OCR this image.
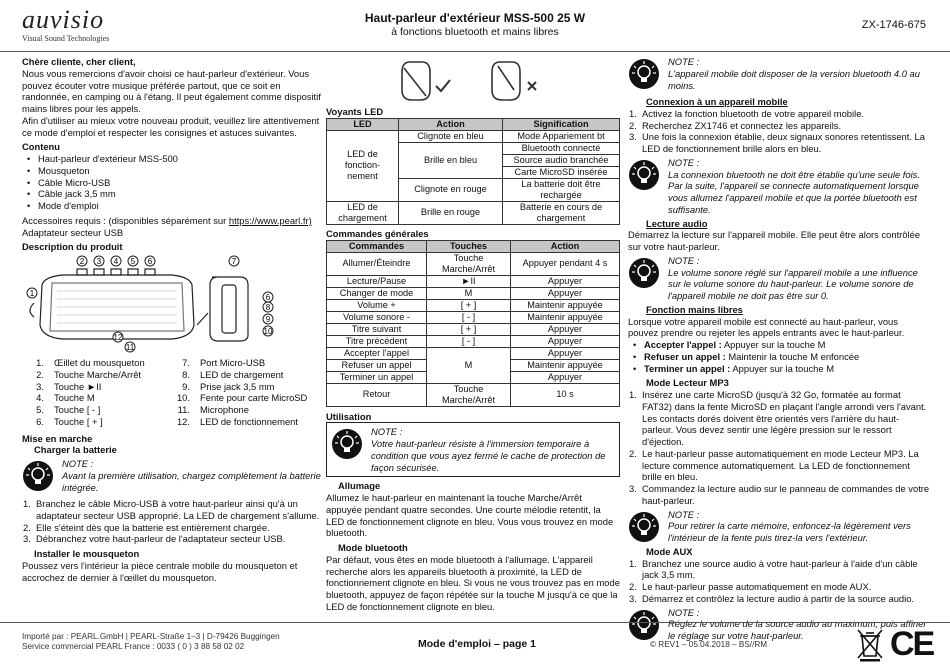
auvisio
Visual Sound Technologies
Haut-parleur d'extérieur MSS-500 25 W
à fonctions bluetooth et mains libres
ZX-1746-675

Chère cliente, cher client,

Nous vous remercions d'avoir choisi ce haut-parleur d'extérieur. Vous pouvez écouter votre musique préférée partout, que ce soit en randonnée, en camping ou à l'étang. Il peut également comme dispositif mains libres pour les appels.

Afin d'utiliser au mieux votre nouveau produit, veuillez lire attentivement ce mode d'emploi et respecter les consignes et astuces suivantes.

Contenu

• Haut-parleur d'extérieur MSS-500
• Mousqueton
• Câble Micro-USB
• Câble jack 3,5 mm
• Mode d'emploi

Accessoires requis : (disponibles séparément sur https://www.pearl.fr)

Adaptateur secteur USB

Description du produit

1
2 3 4 5 6	7
6
8
9
10
11
12
1. Œillet du mousqueton	7. Port Micro-USB
2. Touche Marche/Arrêt	8. LED de chargement
3. Touche ►II	9. Prise jack 3,5 mm
4. Touche M	10. Fente pour carte MicroSD
5. Touche [ - ]	11. Microphone
6. Touche [ + ]	12. LED de fonctionnement

Mise en marche

Charger la batterie

NOTE :
Avant la première utilisation, chargez complètement la batterie intégrée.
1. Branchez le câble Micro-USB à votre haut-parleur ainsi qu'à un adaptateur secteur USB approprié. La LED de chargement s'allume.
2. Elle s'éteint dès que la batterie est entièrement chargée.
3. Débranchez votre haut-parleur de l'adaptateur secteur USB.

Installer le mousqueton

Poussez vers l'intérieur la pièce centrale mobile du mousqueton et accrochez de dernier à l'œillet du mousqueton.

Voyants LED

LED	Action	Signification
LED de fonction-nement	Clignote en bleu	Mode Appariement bt
	Brille en bleu	Bluetooth connecté
		Source audio branchée
		Carte MicroSD insérée
	Clignote en rouge	La batterie doit être rechargée

LED de chargement	Brille en rouge	Batterie en cours de chargement

Commandes générales

Commandes	Touches	Action
Allumer/Éteindre	Touche Marche/Arrêt	Appuyer pendant 4 s
Lecture/Pause	►II	Appuyer
Changer de mode	M	Appuyer
Volume +	[ + ]	Maintenir appuyée
Volume sonore -	[ - ]	Maintenir appuyée
Titre suivant	[ + ]	Appuyer
Titre précédent	[ - ]	Appuyer
Accepter l'appel	M	Appuyer
Refuser un appel		Maintenir appuyée
Terminer un appel		Appuyer
Retour	Touche Marche/Arrêt	10 s

Utilisation

NOTE :
Votre haut-parleur résiste à l'immersion temporaire à condition que vous ayez fermé le cache de protection de façon sécurisée.

Allumage

Allumez le haut-parleur en maintenant la touche Marche/Arrêt appuyée pendant quatre secondes. Une courte mélodie retentit, la LED de fonctionnement clignote en bleu. Vous vous trouvez en mode bluetooth.

Mode bluetooth

Par défaut, vous êtes en mode bluetooth à l'allumage. L'appareil recherche alors les appareils bluetooth à proximité, la LED de fonctionnement clignote en bleu. Si vous ne vous trouvez pas en mode bluetooth, appuyez de façon répétée sur la touche M jusqu'à ce que la LED de fonctionnement clignote en bleu.

NOTE :
L'appareil mobile doit disposer de la version bluetooth 4.0 au moins.

Connexion à un appareil mobile

1. Activez la fonction bluetooth de votre appareil mobile.
2. Recherchez ZX1746 et connectez les appareils.
3. Une fois la connexion établie, deux signaux sonores retentissent. La LED de fonctionnement brille alors en bleu.
NOTE :
La connexion bluetooth ne doit être établie qu'une seule fois. Par la suite, l'appareil se connecte automatiquement lorsque vous allumez l'appareil mobile et que la portée bluetooth est suffisante.

Lecture audio

Démarrez la lecture sur l'appareil mobile. Elle peut être alors contrôlée sur votre haut-parleur.

NOTE :
Le volume sonore réglé sur l'appareil mobile a une influence sur le volume sonore du haut-parleur. Le volume sonore de l'appareil mobile ne doit pas être sur 0.

Fonction mains libres

Lorsque votre appareil mobile est connecté au haut-parleur, vous pouvez prendre ou rejeter les appels entrants avec le haut-parleur.

• Accepter l'appel : Appuyer sur la touche M
• Refuser un appel : Maintenir la touche M enfoncée
• Terminer un appel : Appuyer sur la touche M

Mode Lecteur MP3

1. Insérez une carte MicroSD (jusqu'à 32 Go, formatée au format FAT32) dans la fente MicroSD en plaçant l'angle arrondi vers l'avant. Les contacts dorés doivent être orientés vers l'arrière du haut-parleur. Vous devez sentir une légère pression sur le ressort d'éjection.
2. Le haut-parleur passe automatiquement en mode Lecteur MP3. La lecture commence automatiquement. La LED de fonctionnement brille en bleu.
3. Commandez la lecture audio sur le panneau de commandes de votre haut-parleur.
NOTE :
Pour retirer la carte mémoire, enfoncez-la légèrement vers l'intérieur de la fente puis tirez-la vers l'extérieur.

Mode AUX

1. Branchez une source audio à votre haut-parleur à l'aide d'un câble jack 3,5 mm.
2. Le haut-parleur passe automatiquement en mode AUX.
3. Démarrez et contrôlez la lecture audio à partir de la source audio.
NOTE :
Réglez le volume de la source audio au maximum, puis affiner le réglage sur votre haut-parleur.
Importé par : PEARL.GmbH | PEARL-Straße 1–3 | D-79426 Buggingen
Service commercial PEARL France : 0033 ( 0 ) 3 88 58 02 02	Mode d'emploi – page 1	© REV1 – 05.04.2018 – BS//RM	CE
